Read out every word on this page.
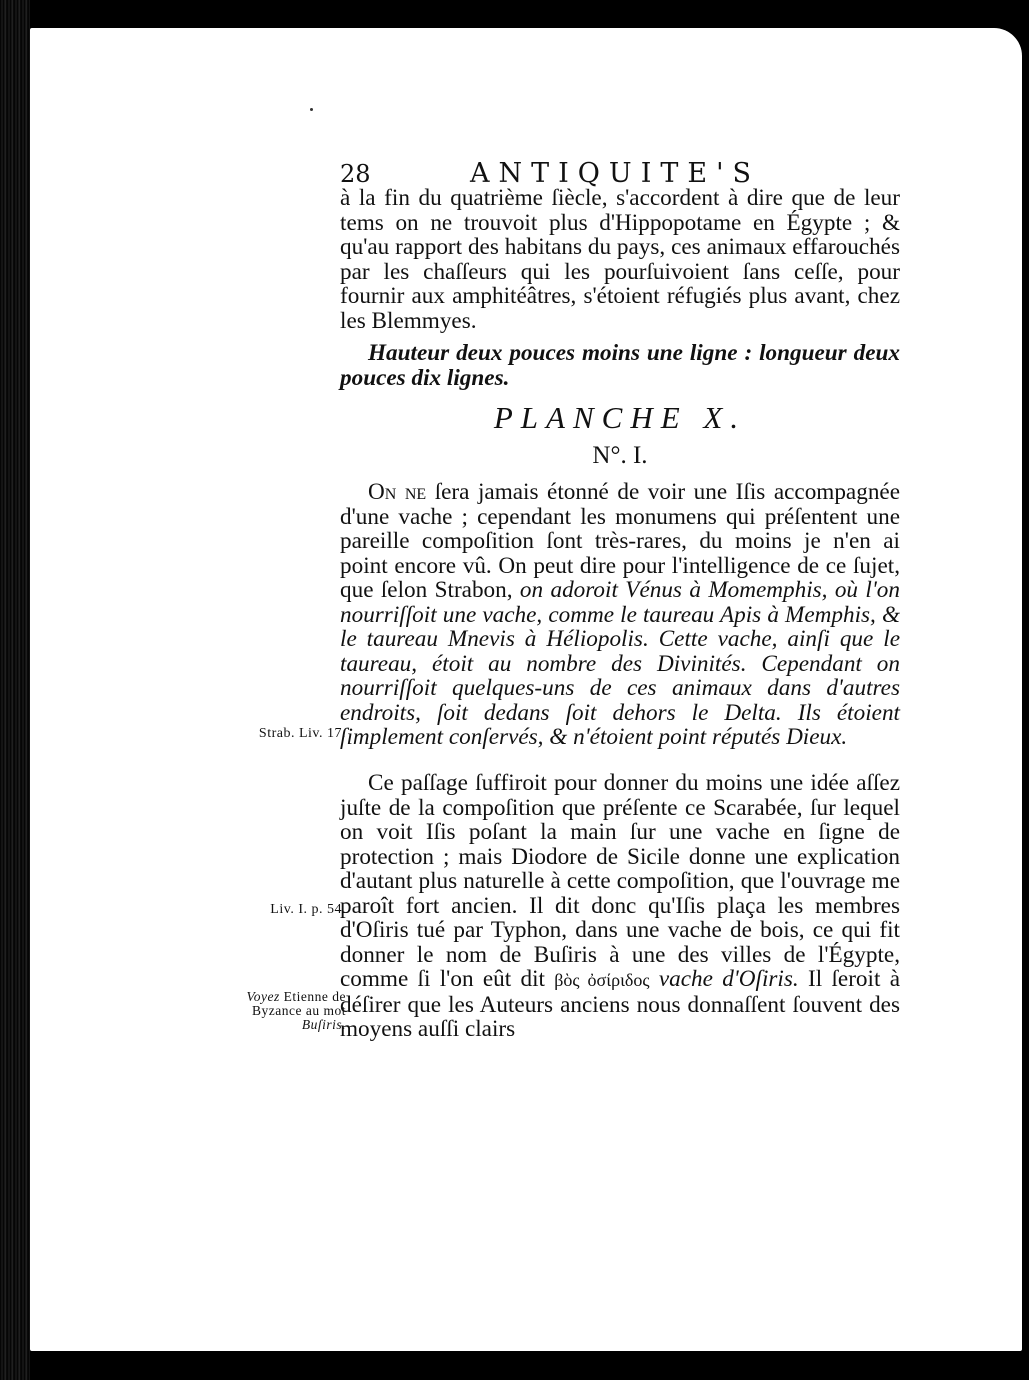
28	ANTIQUITE'S

à la fin du quatrième ſiècle, s'accordent à dire que de leur tems on ne trouvoit plus d'Hippopotame en Égypte ; & qu'au rapport des habitans du pays, ces animaux effarouchés par les chaſſeurs qui les pourſuivoient ſans ceſſe, pour fournir aux amphitéâtres, s'étoient réfugiés plus avant, chez les Blemmyes.

Hauteur deux pouces moins une ligne : longueur deux pouces dix lignes.

PLANCHE X.
N°. I.

On ne ſera jamais étonné de voir une Iſis accompagnée d'une vache ; cependant les monumens qui préſentent une pareille compoſition ſont très-rares, du moins je n'en ai point encore vû. On peut dire pour l'intelligence de ce ſujet, que ſelon Strabon, on adoroit Vénus à Momemphis, où l'on nourriſſoit une vache, comme le taureau Apis à Memphis, & le taureau Mnevis à Héliopolis. Cette vache, ainſi que le taureau, étoit au nombre des Divinités. Cependant on nourriſſoit quelques-uns de ces animaux dans d'autres endroits, ſoit dedans ſoit dehors le Delta. Ils étoient ſimplement conſervés, & n'étoient point réputés Dieux.

Ce paſſage ſuffiroit pour donner du moins une idée aſſez juſte de la compoſition que préſente ce Scarabée, ſur lequel on voit Iſis poſant la main ſur une vache en ſigne de protection ; mais Diodore de Sicile donne une explication d'autant plus naturelle à cette compoſition, que l'ouvrage me paroît fort ancien. Il dit donc qu'Iſis plaça les membres d'Oſiris tué par Typhon, dans une vache de bois, ce qui fit donner le nom de Buſiris à une des villes de l'Égypte, comme ſi l'on eût dit βὸς ὀσίριδος vache d'Oſiris. Il ſeroit à déſirer que les Auteurs anciens nous donnaſſent ſouvent des moyens auſſi clairs

Strab. Liv. 17.
Liv. I. p. 54.
Voyez Etienne de Byzance au mot Buſiris.
